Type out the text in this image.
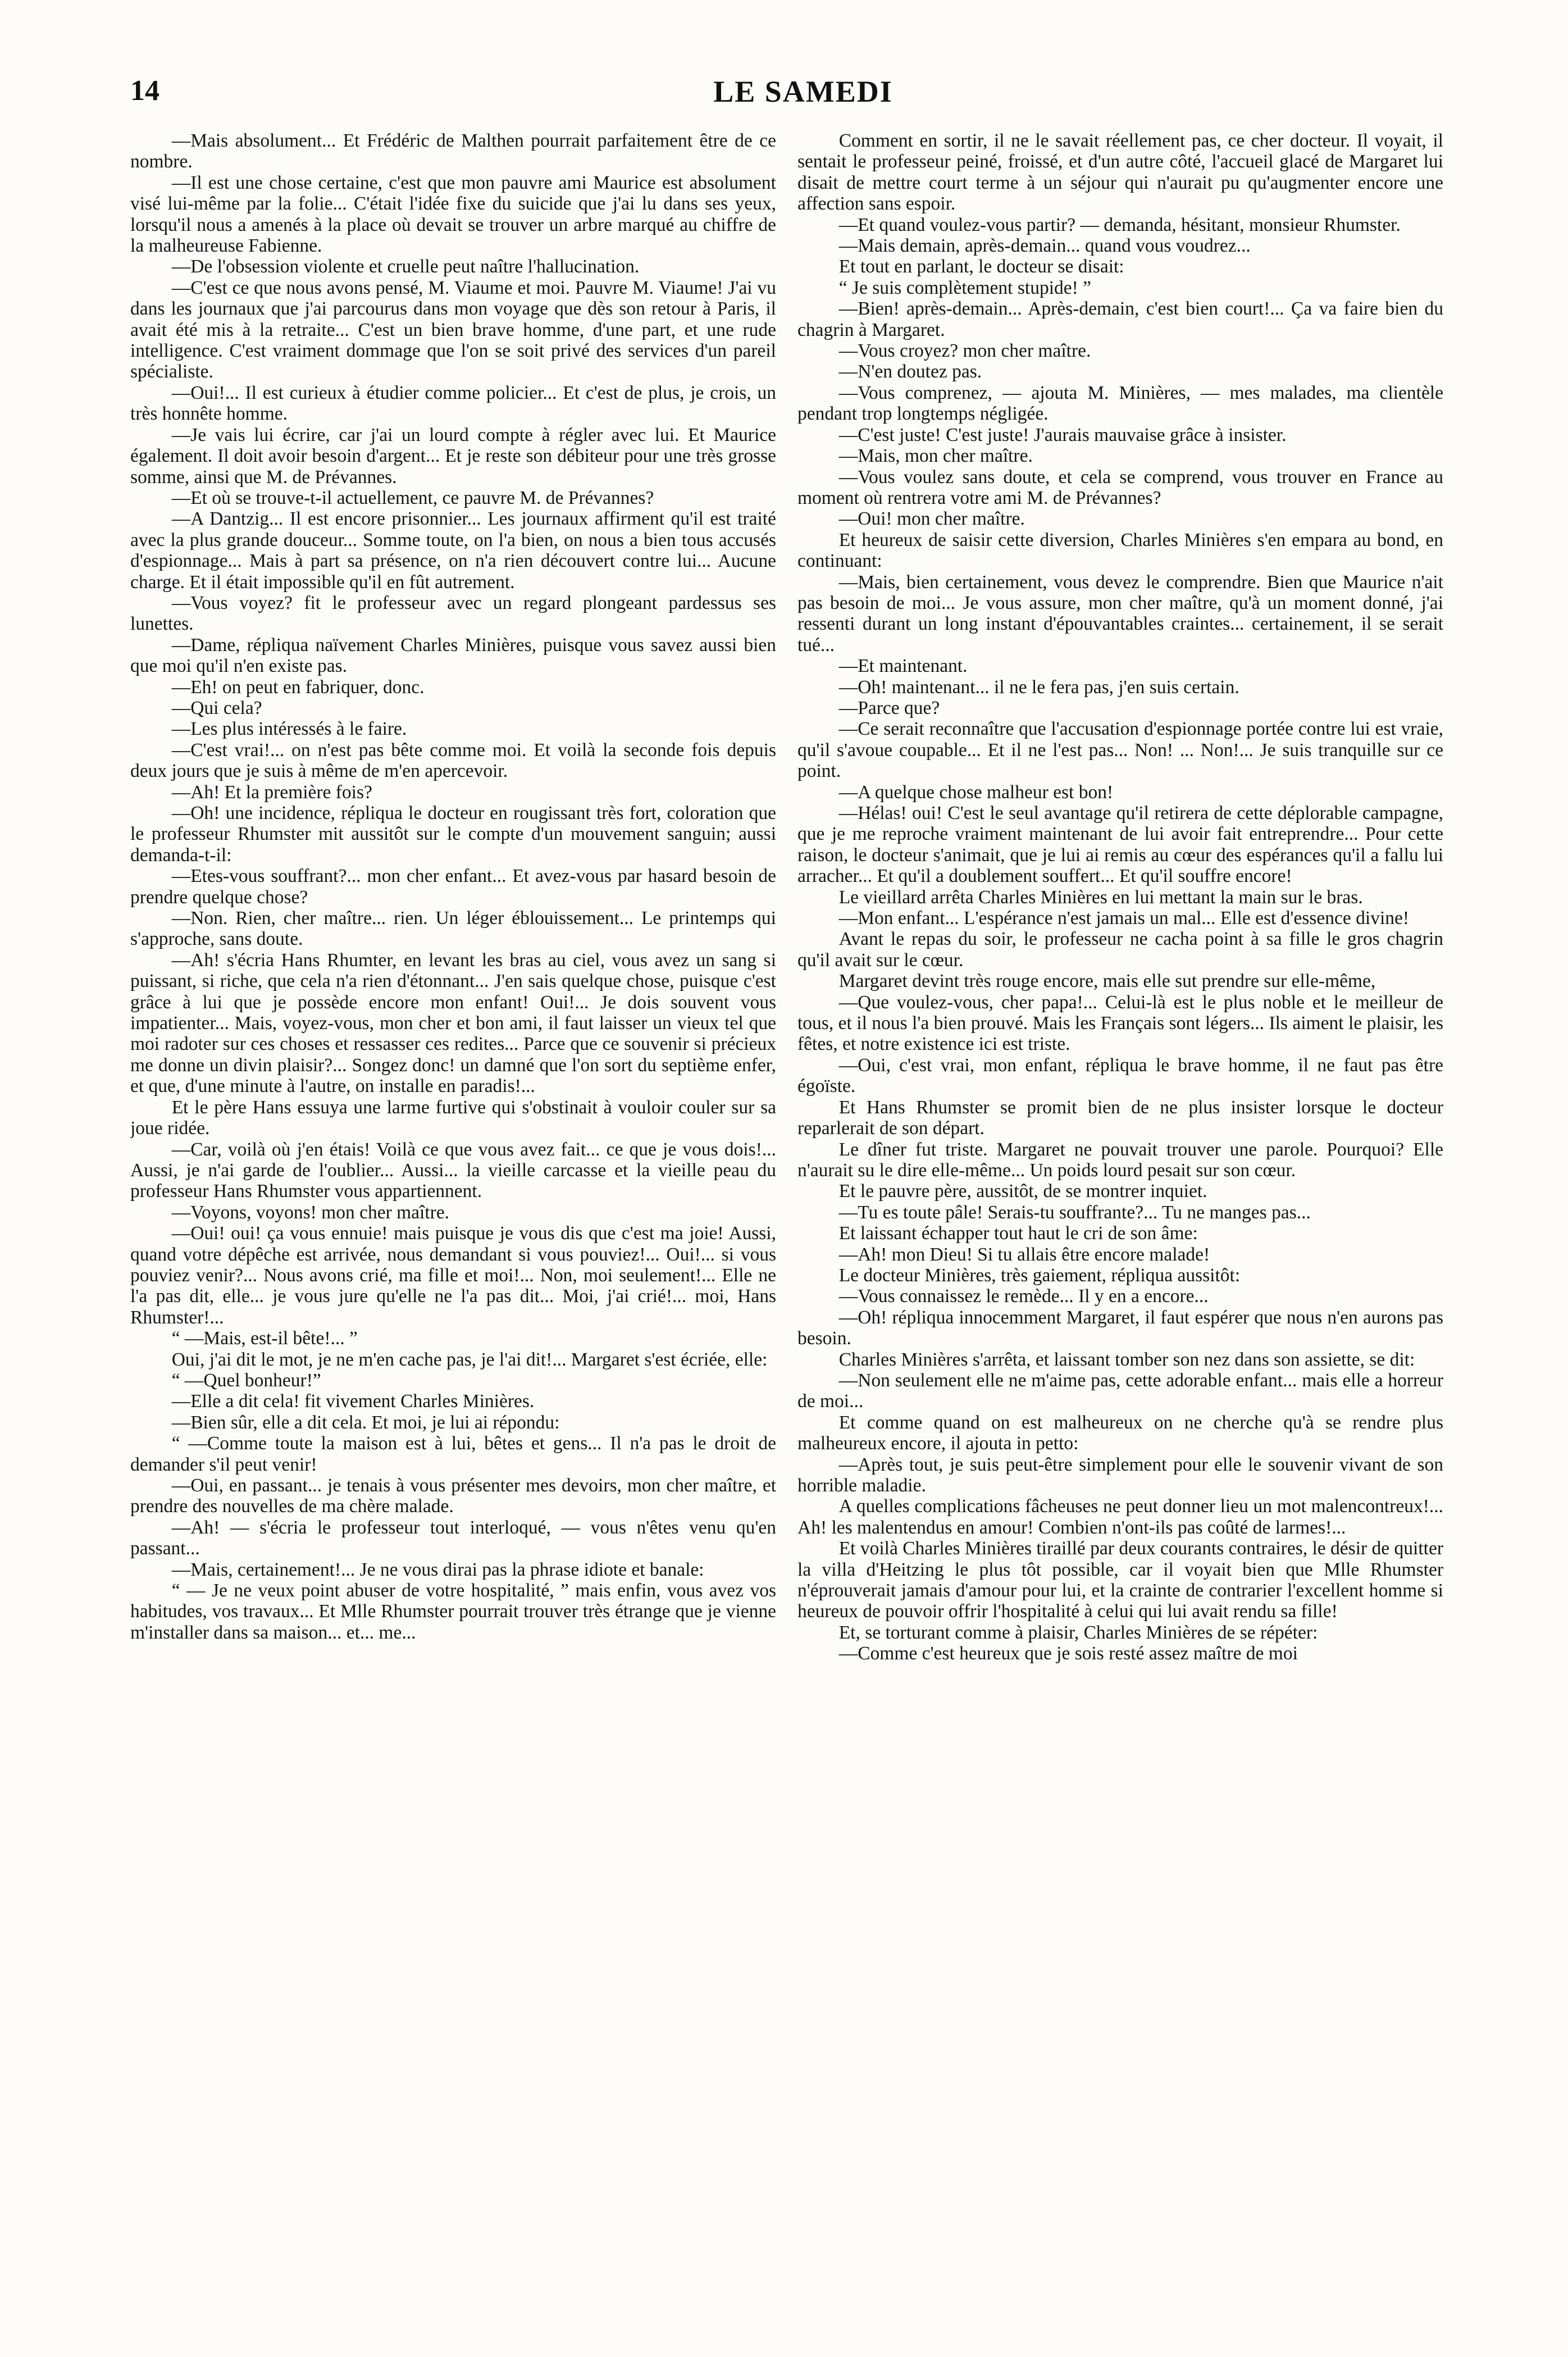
LE SAMEDI
14

—Mais absolument... Et Frédéric de Malthen pourrait parfaitement être de ce nombre.

—Il est une chose certaine, c'est que mon pauvre ami Maurice est absolument visé lui-même par la folie... C'était l'idée fixe du suicide que j'ai lu dans ses yeux, lorsqu'il nous a amenés à la place où devait se trouver un arbre marqué au chiffre de la malheureuse Fabienne.

—De l'obsession violente et cruelle peut naître l'hallucination.

—C'est ce que nous avons pensé, M. Viaume et moi. Pauvre M. Viaume! J'ai vu dans les journaux que j'ai parcourus dans mon voyage que dès son retour à Paris, il avait été mis à la retraite... C'est un bien brave homme, d'une part, et une rude intelligence. C'est vraiment dommage que l'on se soit privé des services d'un pareil spécialiste.

—Oui!... Il est curieux à étudier comme policier... Et c'est de plus, je crois, un très honnête homme.

—Je vais lui écrire, car j'ai un lourd compte à régler avec lui. Et Maurice également. Il doit avoir besoin d'argent... Et je reste son débiteur pour une très grosse somme, ainsi que M. de Prévannes.

—Et où se trouve-t-il actuellement, ce pauvre M. de Prévannes?

—A Dantzig... Il est encore prisonnier... Les journaux affirment qu'il est traité avec la plus grande douceur... Somme toute, on l'a bien, on nous a bien tous accusés d'espionnage... Mais à part sa présence, on n'a rien découvert contre lui... Aucune charge. Et il était impossible qu'il en fût autrement.

—Vous voyez? fit le professeur avec un regard plongeant pardessus ses lunettes.

—Dame, répliqua naïvement Charles Minières, puisque vous savez aussi bien que moi qu'il n'en existe pas.

—Eh! on peut en fabriquer, donc.

—Qui cela?

—Les plus intéressés à le faire.

—C'est vrai!... on n'est pas bête comme moi. Et voilà la seconde fois depuis deux jours que je suis à même de m'en apercevoir.

—Ah! Et la première fois?

—Oh! une incidence, répliqua le docteur en rougissant très fort, coloration que le professeur Rhumster mit aussitôt sur le compte d'un mouvement sanguin; aussi demanda-t-il:

—Etes-vous souffrant?... mon cher enfant... Et avez-vous par hasard besoin de prendre quelque chose?

—Non. Rien, cher maître... rien. Un léger éblouissement... Le printemps qui s'approche, sans doute.

—Ah! s'écria Hans Rhumter, en levant les bras au ciel, vous avez un sang si puissant, si riche, que cela n'a rien d'étonnant... J'en sais quelque chose, puisque c'est grâce à lui que je possède encore mon enfant! Oui!... Je dois souvent vous impatienter... Mais, voyez-vous, mon cher et bon ami, il faut laisser un vieux tel que moi radoter sur ces choses et ressasser ces redites... Parce que ce souvenir si précieux me donne un divin plaisir?... Songez donc! un damné que l'on sort du septième enfer, et que, d'une minute à l'autre, on installe en paradis!...

Et le père Hans essuya une larme furtive qui s'obstinait à vouloir couler sur sa joue ridée.

—Car, voilà où j'en étais! Voilà ce que vous avez fait... ce que je vous dois!... Aussi, je n'ai garde de l'oublier... Aussi... la vieille carcasse et la vieille peau du professeur Hans Rhumster vous appartiennent.

—Voyons, voyons! mon cher maître.

—Oui! oui! ça vous ennuie! mais puisque je vous dis que c'est ma joie! Aussi, quand votre dépêche est arrivée, nous demandant si vous pouviez!... Oui!... si vous pouviez venir?... Nous avons crié, ma fille et moi!... Non, moi seulement!... Elle ne l'a pas dit, elle... je vous jure qu'elle ne l'a pas dit... Moi, j'ai crié!... moi, Hans Rhumster!...

“ —Mais, est-il bête!... ”

Oui, j'ai dit le mot, je ne m'en cache pas, je l'ai dit!... Margaret s'est écriée, elle:

“ —Quel bonheur!”

—Elle a dit cela! fit vivement Charles Minières.

—Bien sûr, elle a dit cela. Et moi, je lui ai répondu:

“ —Comme toute la maison est à lui, bêtes et gens... Il n'a pas le droit de demander s'il peut venir!

—Oui, en passant... je tenais à vous présenter mes devoirs, mon cher maître, et prendre des nouvelles de ma chère malade.

—Ah! — s'écria le professeur tout interloqué, — vous n'êtes venu qu'en passant...

—Mais, certainement!... Je ne vous dirai pas la phrase idiote et banale:

“ — Je ne veux point abuser de votre hospitalité, ” mais enfin, vous avez vos habitudes, vos travaux... Et Mlle Rhumster pourrait trouver très étrange que je vienne m'installer dans sa maison... et... me...

Comment en sortir, il ne le savait réellement pas, ce cher docteur. Il voyait, il sentait le professeur peiné, froissé, et d'un autre côté, l'accueil glacé de Margaret lui disait de mettre court terme à un séjour qui n'aurait pu qu'augmenter encore une affection sans espoir.

—Et quand voulez-vous partir? — demanda, hésitant, monsieur Rhumster.

—Mais demain, après-demain... quand vous voudrez...

Et tout en parlant, le docteur se disait:

“ Je suis complètement stupide! ”

—Bien! après-demain... Après-demain, c'est bien court!... Ça va faire bien du chagrin à Margaret.

—Vous croyez? mon cher maître.

—N'en doutez pas.

—Vous comprenez, — ajouta M. Minières, — mes malades, ma clientèle pendant trop longtemps négligée.

—C'est juste! C'est juste! J'aurais mauvaise grâce à insister.

—Mais, mon cher maître.

—Vous voulez sans doute, et cela se comprend, vous trouver en France au moment où rentrera votre ami M. de Prévannes?

—Oui! mon cher maître.

Et heureux de saisir cette diversion, Charles Minières s'en empara au bond, en continuant:

—Mais, bien certainement, vous devez le comprendre. Bien que Maurice n'ait pas besoin de moi... Je vous assure, mon cher maître, qu'à un moment donné, j'ai ressenti durant un long instant d'épouvantables craintes... certainement, il se serait tué...

—Et maintenant.

—Oh! maintenant... il ne le fera pas, j'en suis certain.

—Parce que?

—Ce serait reconnaître que l'accusation d'espionnage portée contre lui est vraie, qu'il s'avoue coupable... Et il ne l'est pas... Non! ... Non!... Je suis tranquille sur ce point.

—A quelque chose malheur est bon!

—Hélas! oui! C'est le seul avantage qu'il retirera de cette déplorable campagne, que je me reproche vraiment maintenant de lui avoir fait entreprendre... Pour cette raison, le docteur s'animait, que je lui ai remis au cœur des espérances qu'il a fallu lui arracher... Et qu'il a doublement souffert... Et qu'il souffre encore!

Le vieillard arrêta Charles Minières en lui mettant la main sur le bras.

—Mon enfant... L'espérance n'est jamais un mal... Elle est d'essence divine!

Avant le repas du soir, le professeur ne cacha point à sa fille le gros chagrin qu'il avait sur le cœur.

Margaret devint très rouge encore, mais elle sut prendre sur elle-même,

—Que voulez-vous, cher papa!... Celui-là est le plus noble et le meilleur de tous, et il nous l'a bien prouvé. Mais les Français sont légers... Ils aiment le plaisir, les fêtes, et notre existence ici est triste.

—Oui, c'est vrai, mon enfant, répliqua le brave homme, il ne faut pas être égoïste.

Et Hans Rhumster se promit bien de ne plus insister lorsque le docteur reparlerait de son départ.

Le dîner fut triste. Margaret ne pouvait trouver une parole. Pourquoi? Elle n'aurait su le dire elle-même... Un poids lourd pesait sur son cœur.

Et le pauvre père, aussitôt, de se montrer inquiet.

—Tu es toute pâle! Serais-tu souffrante?... Tu ne manges pas...

Et laissant échapper tout haut le cri de son âme:

—Ah! mon Dieu! Si tu allais être encore malade!

Le docteur Minières, très gaiement, répliqua aussitôt:

—Vous connaissez le remède... Il y en a encore...

—Oh! répliqua innocemment Margaret, il faut espérer que nous n'en aurons pas besoin.

Charles Minières s'arrêta, et laissant tomber son nez dans son assiette, se dit:

—Non seulement elle ne m'aime pas, cette adorable enfant... mais elle a horreur de moi...

Et comme quand on est malheureux on ne cherche qu'à se rendre plus malheureux encore, il ajouta in petto:

—Après tout, je suis peut-être simplement pour elle le souvenir vivant de son horrible maladie.

A quelles complications fâcheuses ne peut donner lieu un mot malencontreux!... Ah! les malentendus en amour! Combien n'ont-ils pas coûté de larmes!...

Et voilà Charles Minières tiraillé par deux courants contraires, le désir de quitter la villa d'Heitzing le plus tôt possible, car il voyait bien que Mlle Rhumster n'éprouverait jamais d'amour pour lui, et la crainte de contrarier l'excellent homme si heureux de pouvoir offrir l'hospitalité à celui qui lui avait rendu sa fille!

Et, se torturant comme à plaisir, Charles Minières de se répéter:

—Comme c'est heureux que je sois resté assez maître de moi
